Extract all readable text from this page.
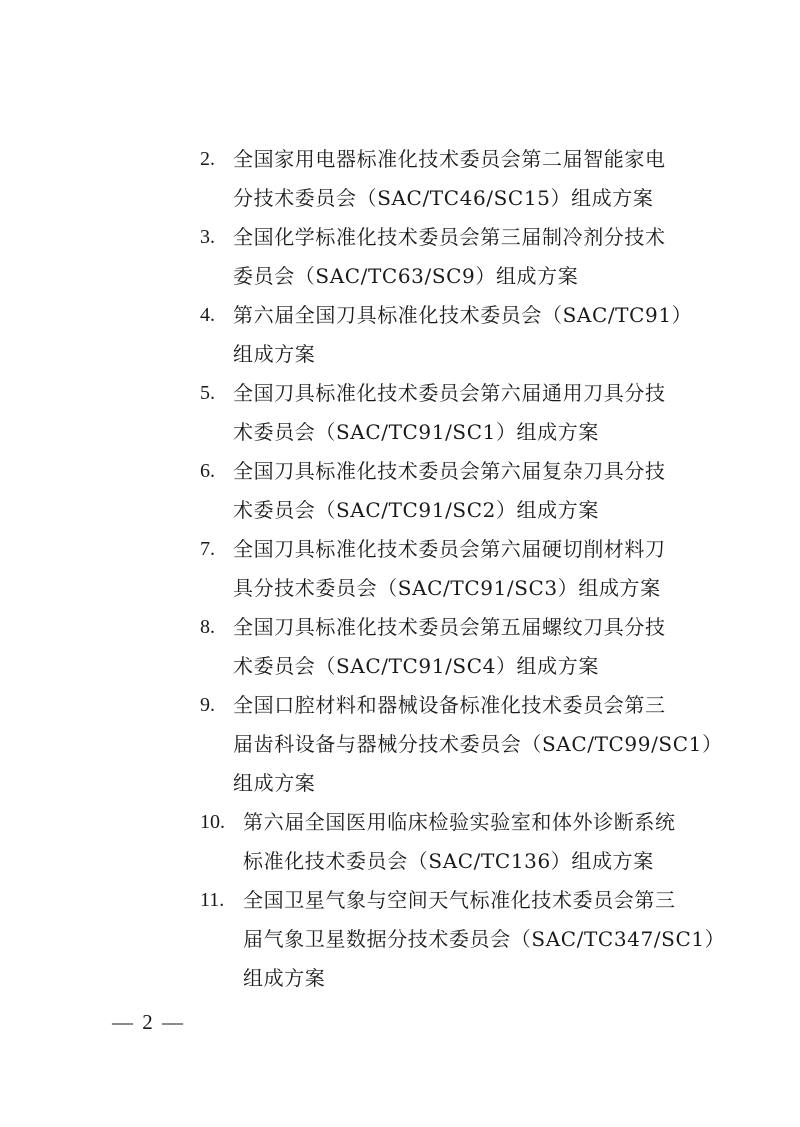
2. 全国家用电器标准化技术委员会第二届智能家电
分技术委员会（SAC/TC46/SC15）组成方案
3. 全国化学标准化技术委员会第三届制冷剂分技术
委员会（SAC/TC63/SC9）组成方案
4. 第六届全国刀具标准化技术委员会（SAC/TC91）
组成方案
5. 全国刀具标准化技术委员会第六届通用刀具分技
术委员会（SAC/TC91/SC1）组成方案
6. 全国刀具标准化技术委员会第六届复杂刀具分技
术委员会（SAC/TC91/SC2）组成方案
7. 全国刀具标准化技术委员会第六届硬切削材料刀
具分技术委员会（SAC/TC91/SC3）组成方案
8. 全国刀具标准化技术委员会第五届螺纹刀具分技
术委员会（SAC/TC91/SC4）组成方案
9. 全国口腔材料和器械设备标准化技术委员会第三
届齿科设备与器械分技术委员会（SAC/TC99/SC1）
组成方案
10. 第六届全国医用临床检验实验室和体外诊断系统
标准化技术委员会（SAC/TC136）组成方案
11. 全国卫星气象与空间天气标准化技术委员会第三
届气象卫星数据分技术委员会（SAC/TC347/SC1）
组成方案
— 2 —
